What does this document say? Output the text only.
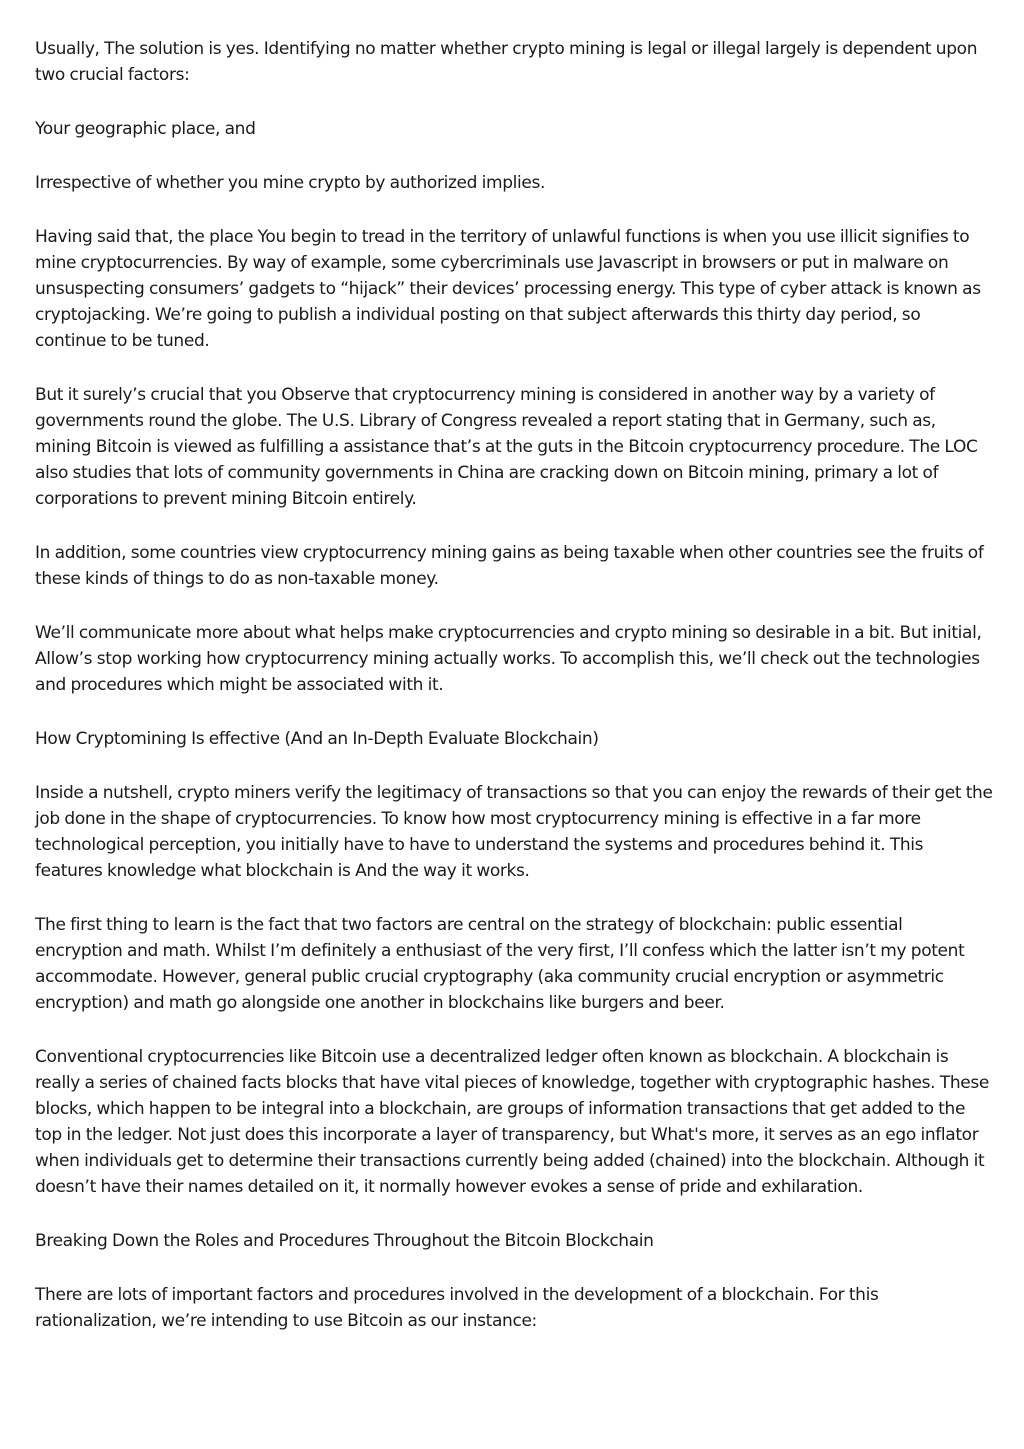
Usually, The solution is yes. Identifying no matter whether crypto mining is legal or illegal largely is dependent upon two crucial factors:

Your geographic place, and

Irrespective of whether you mine crypto by authorized implies.

Having said that, the place You begin to tread in the territory of unlawful functions is when you use illicit signifies to mine cryptocurrencies. By way of example, some cybercriminals use Javascript in browsers or put in malware on unsuspecting consumers’ gadgets to “hijack” their devices’ processing energy. This type of cyber attack is known as cryptojacking. We’re going to publish a individual posting on that subject afterwards this thirty day period, so continue to be tuned.

But it surely’s crucial that you Observe that cryptocurrency mining is considered in another way by a variety of governments round the globe. The U.S. Library of Congress revealed a report stating that in Germany, such as, mining Bitcoin is viewed as fulfilling a assistance that’s at the guts in the Bitcoin cryptocurrency procedure. The LOC also studies that lots of community governments in China are cracking down on Bitcoin mining, primary a lot of corporations to prevent mining Bitcoin entirely.

In addition, some countries view cryptocurrency mining gains as being taxable when other countries see the fruits of these kinds of things to do as non-taxable money.

We’ll communicate more about what helps make cryptocurrencies and crypto mining so desirable in a bit. But initial, Allow’s stop working how cryptocurrency mining actually works. To accomplish this, we’ll check out the technologies and procedures which might be associated with it.

How Cryptomining Is effective (And an In-Depth Evaluate Blockchain)

Inside a nutshell, crypto miners verify the legitimacy of transactions so that you can enjoy the rewards of their get the job done in the shape of cryptocurrencies. To know how most cryptocurrency mining is effective in a far more technological perception, you initially have to have to understand the systems and procedures behind it. This features knowledge what blockchain is And the way it works.

The first thing to learn is the fact that two factors are central on the strategy of blockchain: public essential encryption and math. Whilst I’m definitely a enthusiast of the very first, I’ll confess which the latter isn’t my potent accommodate. However, general public crucial cryptography (aka community crucial encryption or asymmetric encryption) and math go alongside one another in blockchains like burgers and beer.

Conventional cryptocurrencies like Bitcoin use a decentralized ledger often known as blockchain. A blockchain is really a series of chained facts blocks that have vital pieces of knowledge, together with cryptographic hashes. These blocks, which happen to be integral into a blockchain, are groups of information transactions that get added to the top in the ledger. Not just does this incorporate a layer of transparency, but What's more, it serves as an ego inflator when individuals get to determine their transactions currently being added (chained) into the blockchain. Although it doesn’t have their names detailed on it, it normally however evokes a sense of pride and exhilaration.

Breaking Down the Roles and Procedures Throughout the Bitcoin Blockchain

There are lots of important factors and procedures involved in the development of a blockchain. For this rationalization, we’re intending to use Bitcoin as our instance:
